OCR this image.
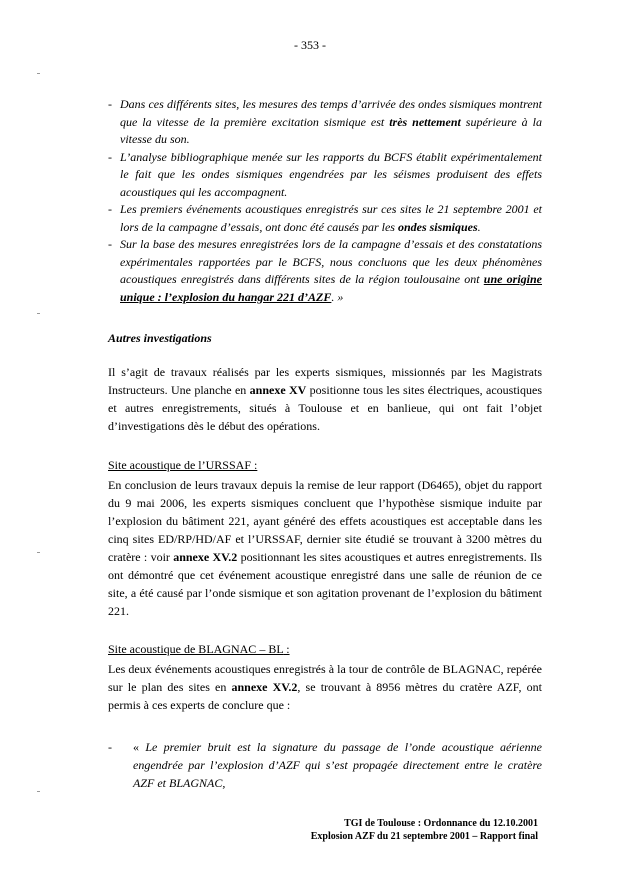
- 353 -
- Dans ces différents sites, les mesures des temps d’arrivée des ondes sismiques montrent que la vitesse de la première excitation sismique est très nettement supérieure à la vitesse du son.
- L’analyse bibliographique menée sur les rapports du BCFS établit expérimentalement le fait que les ondes sismiques engendrées par les séismes produisent des effets acoustiques qui les accompagnent.
- Les premiers événements acoustiques enregistrés sur ces sites le 21 septembre 2001 et lors de la campagne d’essais, ont donc été causés par les ondes sismiques.
- Sur la base des mesures enregistrées lors de la campagne d’essais et des constatations expérimentales rapportées par le BCFS, nous concluons que les deux phénomènes acoustiques enregistrés dans différents sites de la région toulousaine ont une origine unique : l’explosion du hangar 221 d’AZF. »
Autres investigations

Il s’agit de travaux réalisés par les experts sismiques, missionnés par les Magistrats Instructeurs. Une planche en annexe XV positionne tous les sites électriques, acoustiques et autres enregistrements, situés à Toulouse et en banlieue, qui ont fait l’objet d’investigations dès le début des opérations.

Site acoustique de l’URSSAF :

En conclusion de leurs travaux depuis la remise de leur rapport (D6465), objet du rapport du 9 mai 2006, les experts sismiques concluent que l’hypothèse sismique induite par l’explosion du bâtiment 221, ayant généré des effets acoustiques est acceptable dans les cinq sites ED/RP/HD/AF et l’URSSAF, dernier site étudié se trouvant à 3200 mètres du cratère : voir annexe XV.2 positionnant les sites acoustiques et autres enregistrements. Ils ont démontré que cet événement acoustique enregistré dans une salle de réunion de ce site, a été causé par l’onde sismique et son agitation provenant de l’explosion du bâtiment 221.

Site acoustique de BLAGNAC – BL :

Les deux événements acoustiques enregistrés à la tour de contrôle de BLAGNAC, repérée sur le plan des sites en annexe XV.2, se trouvant à 8956 mètres du cratère AZF, ont permis à ces experts de conclure que :

-	« Le premier bruit est la signature du passage de l’onde acoustique aérienne engendrée par l’explosion d’AZF qui s’est propagée directement entre le cratère AZF et BLAGNAC,
TGI de Toulouse : Ordonnance du 12.10.2001
Explosion AZF du 21 septembre 2001 – Rapport final
